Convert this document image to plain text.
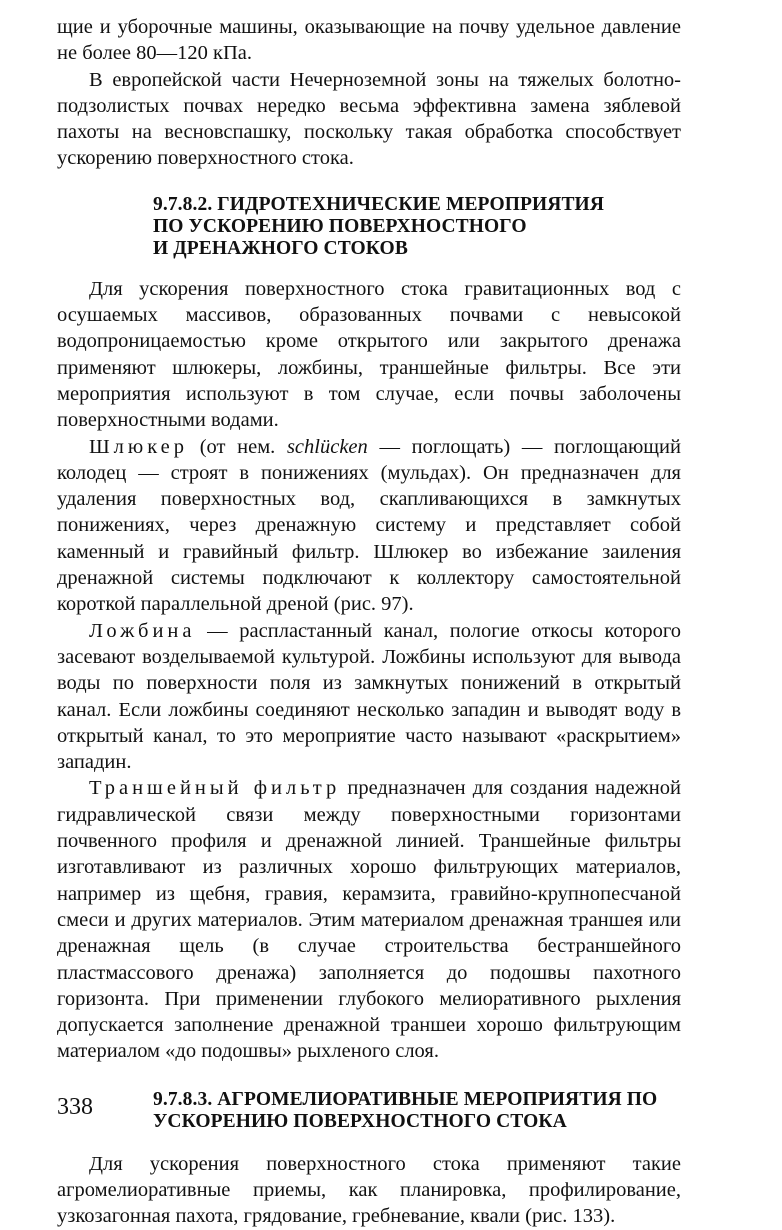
щие и уборочные машины, оказывающие на почву удельное давление не более 80—120 кПа.

В европейской части Нечерноземной зоны на тяжелых болотно-подзолистых почвах нередко весьма эффективна замена зяблевой пахоты на весновспашку, поскольку такая обработка способствует ускорению поверхностного стока.

9.7.8.2. ГИДРОТЕХНИЧЕСКИЕ МЕРОПРИЯТИЯ
ПО УСКОРЕНИЮ ПОВЕРХНОСТНОГО
И ДРЕНАЖНОГО СТОКОВ

Для ускорения поверхностного стока гравитационных вод с осушаемых массивов, образованных почвами с невысокой водопроницаемостью кроме открытого или закрытого дренажа применяют шлюкеры, ложбины, траншейные фильтры. Все эти мероприятия используют в том случае, если почвы заболочены поверхностными водами.

Шлюкер (от нем. schlücken — поглощать) — поглощающий колодец — строят в понижениях (мульдах). Он предназначен для удаления поверхностных вод, скапливающихся в замкнутых понижениях, через дренажную систему и представляет собой каменный и гравийный фильтр. Шлюкер во избежание заиления дренажной системы подключают к коллектору самостоятельной короткой параллельной дреной (рис. 97).

Ложбина — распластанный канал, пологие откосы которого засевают возделываемой культурой. Ложбины используют для вывода воды по поверхности поля из замкнутых понижений в открытый канал. Если ложбины соединяют несколько западин и выводят воду в открытый канал, то это мероприятие часто называют «раскрытием» западин.

Траншейный фильтр предназначен для создания надежной гидравлической связи между поверхностными горизонтами почвенного профиля и дренажной линией. Траншейные фильтры изготавливают из различных хорошо фильтрующих материалов, например из щебня, гравия, керамзита, гравийно-крупнопесчаной смеси и других материалов. Этим материалом дренажная траншея или дренажная щель (в случае строительства бестраншейного пластмассового дренажа) заполняется до подошвы пахотного горизонта. При применении глубокого мелиоративного рыхления допускается заполнение дренажной траншеи хорошо фильтрующим материалом «до подошвы» рыхленого слоя.

9.7.8.3. АГРОМЕЛИОРАТИВНЫЕ МЕРОПРИЯТИЯ ПО
УСКОРЕНИЮ ПОВЕРХНОСТНОГО СТОКА

Для ускорения поверхностного стока применяют такие агромелиоративные приемы, как планировка, профилирование, узкозагонная пахота, грядование, гребневание, квали (рис. 133).

338
